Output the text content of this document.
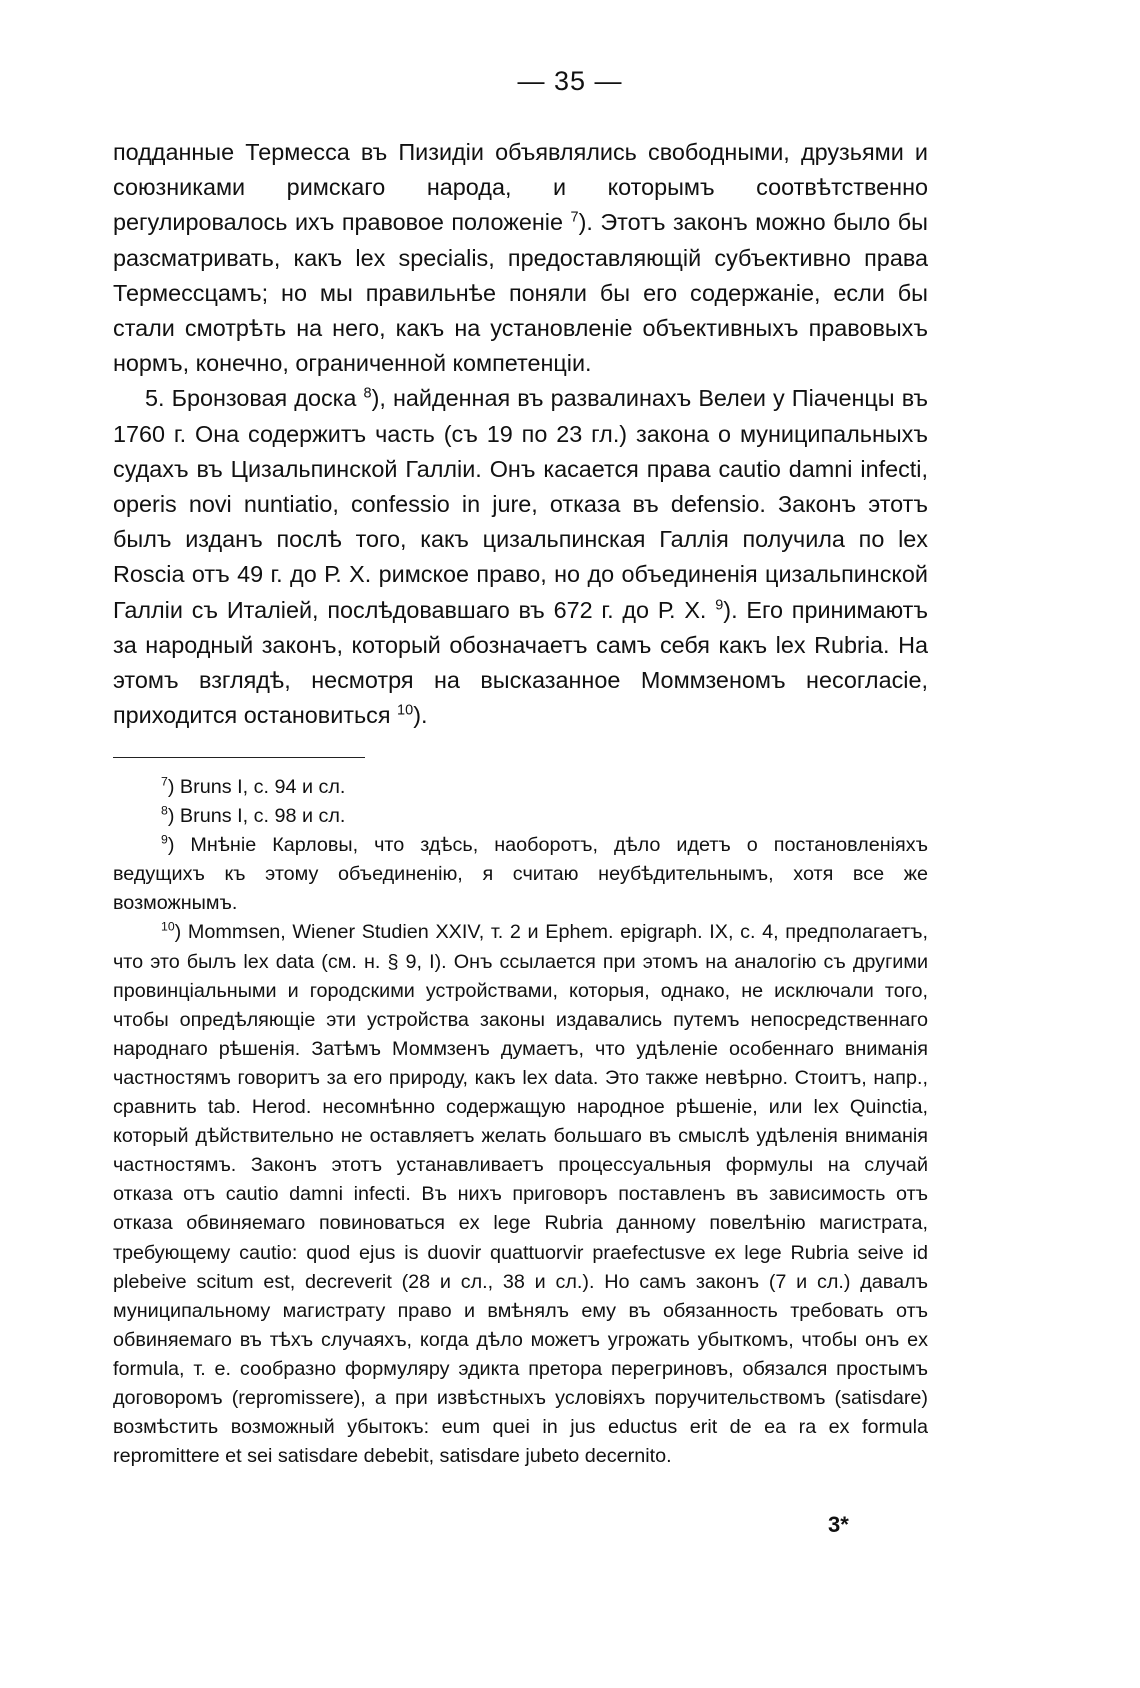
— 35 —

подданные Термесса въ Пизидіи объявлялись свободными, друзьями и союзниками римскаго народа, и которымъ соотвѣтственно регулировалось ихъ правовое положеніе $^7$). Этотъ законъ можно было бы разсматривать, какъ lex specialis, предоставляющій субъективно права Термессцамъ; но мы правильнѣе поняли бы его содержаніе, если бы стали смотрѣть на него, какъ на установленіе объективныхъ правовыхъ нормъ, конечно, ограниченной компетенціи.

5. Бронзовая доска $^8$), найденная въ развалинахъ Велеи у Піаченцы въ 1760 г. Она содержитъ часть (съ 19 по 23 гл.) закона о муниципальныхъ судахъ въ Цизальпинской Галліи. Онъ касается права cautio damni infecti, operis novi nuntiatio, confessio in jure, отказа въ defensio. Законъ этотъ былъ изданъ послѣ того, какъ цизальпинская Галлія получила по lex Roscia отъ 49 г. до Р. Х. римское право, но до объединенія цизальпинской Галліи съ Италіей, послѣдовавшаго въ 672 г. до Р. Х. $^9$). Его принимаютъ за народный законъ, который обозначаетъ самъ себя какъ lex Rubria. На этомъ взглядѣ, несмотря на высказанное Моммзеномъ несогласіе, приходится остановиться $^{10}$).

$^7$) Bruns I, с. 94 и сл.

$^8$) Bruns I, с. 98 и сл.

$^9$) Мнѣніе Карловы, что здѣсь, наоборотъ, дѣло идетъ о постановленіяхъ ведущихъ къ этому объединенію, я считаю неубѣдительнымъ, хотя все же возможнымъ.

$^{10}$) Mommsen, Wiener Studien XXIV, т. 2 и Ephem. epigraph. IX, с. 4, предполагаетъ, что это былъ lex data (см. н. § 9, I). Онъ ссылается при этомъ на аналогію съ другими провинціальными и городскими устройствами, которыя, однако, не исключали того, чтобы опредѣляющіе эти устройства законы издавались путемъ непосредственнаго народнаго рѣшенія. Затѣмъ Моммзенъ думаетъ, что удѣленіе особеннаго вниманія частностямъ говоритъ за его природу, какъ lex data. Это также невѣрно. Стоитъ, напр., сравнить tab. Herod. несомнѣнно содержащую народное рѣшеніе, или lex Quinctia, который дѣйствительно не оставляетъ желать большаго въ смыслѣ удѣленія вниманія частностямъ. Законъ этотъ устанавливаетъ процессуальныя формулы на случай отказа отъ cautio damni infecti. Въ нихъ приговоръ поставленъ въ зависимость отъ отказа обвиняемаго повиноваться ex lege Rubria данному повелѣнію магистрата, требующему cautio: quod ejus is duovir quattuorvir praefectusve ex lege Rubria seive id plebeive scitum est, decreverit (28 и сл., 38 и сл.). Но самъ законъ (7 и сл.) давалъ муниципальному магистрату право и вмѣнялъ ему въ обязанность требовать отъ обвиняемаго въ тѣхъ случаяхъ, когда дѣло можетъ угрожать убыткомъ, чтобы онъ ex formula, т. е. сообразно формуляру эдикта претора перегриновъ, обязался простымъ договоромъ (repromissere), а при извѣстныхъ условіяхъ поручительствомъ (satisdare) возмѣстить возможный убытокъ: eum quei in jus eductus erit de ea ra ex formula repromittere et sei satisdare debebit, satisdare jubeto decernito.

3*
